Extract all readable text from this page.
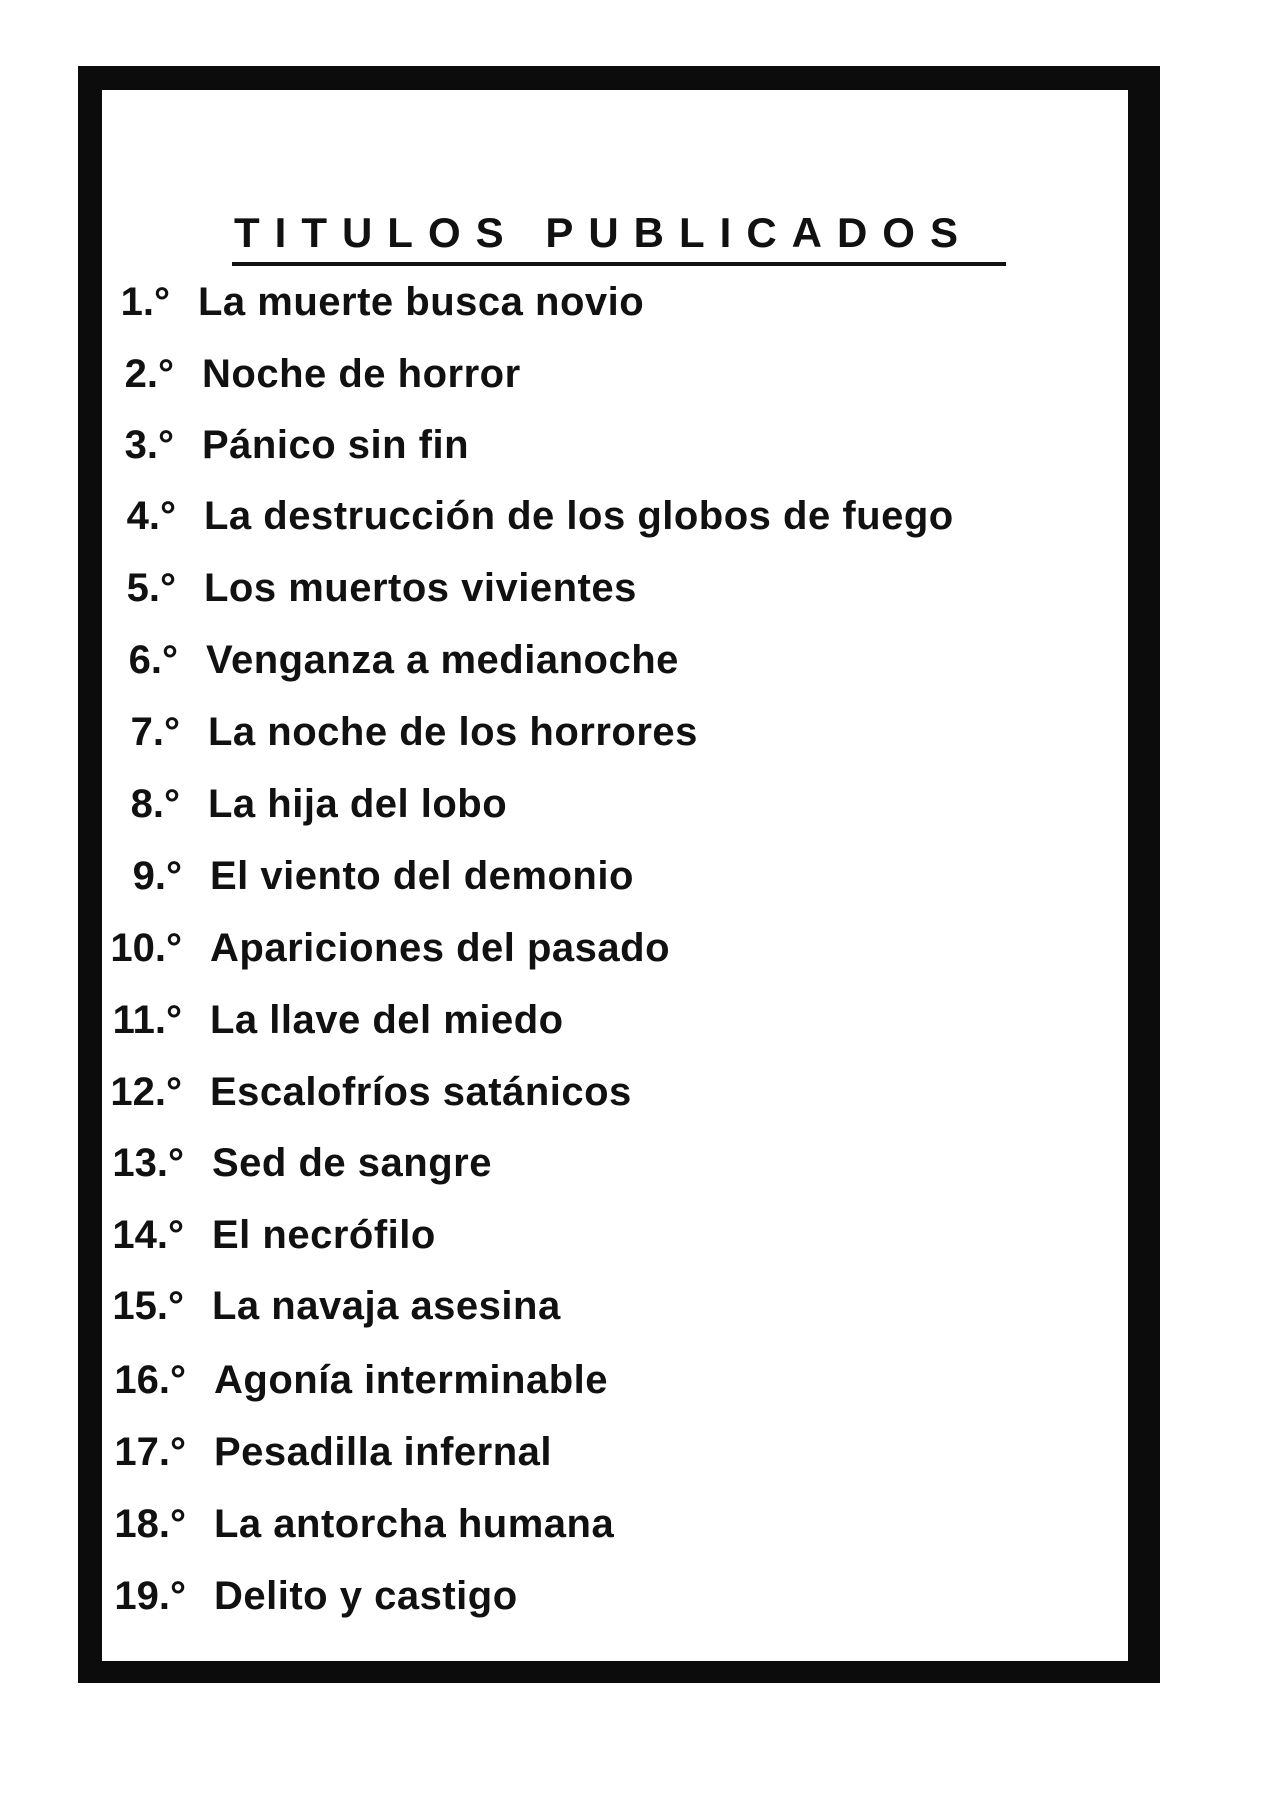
TITULOS PUBLICADOS
1.° La muerte busca novio
2.° Noche de horror
3.° Pánico sin fin
4.° La destrucción de los globos de fuego
5.° Los muertos vivientes
6.° Venganza a medianoche
7.° La noche de los horrores
8.° La hija del lobo
9.° El viento del demonio
10.° Apariciones del pasado
11.° La llave del miedo
12.° Escalofríos satánicos
13.° Sed de sangre
14.° El necrófilo
15.° La navaja asesina
16.° Agonía interminable
17.° Pesadilla infernal
18.° La antorcha humana
19.° Delito y castigo
